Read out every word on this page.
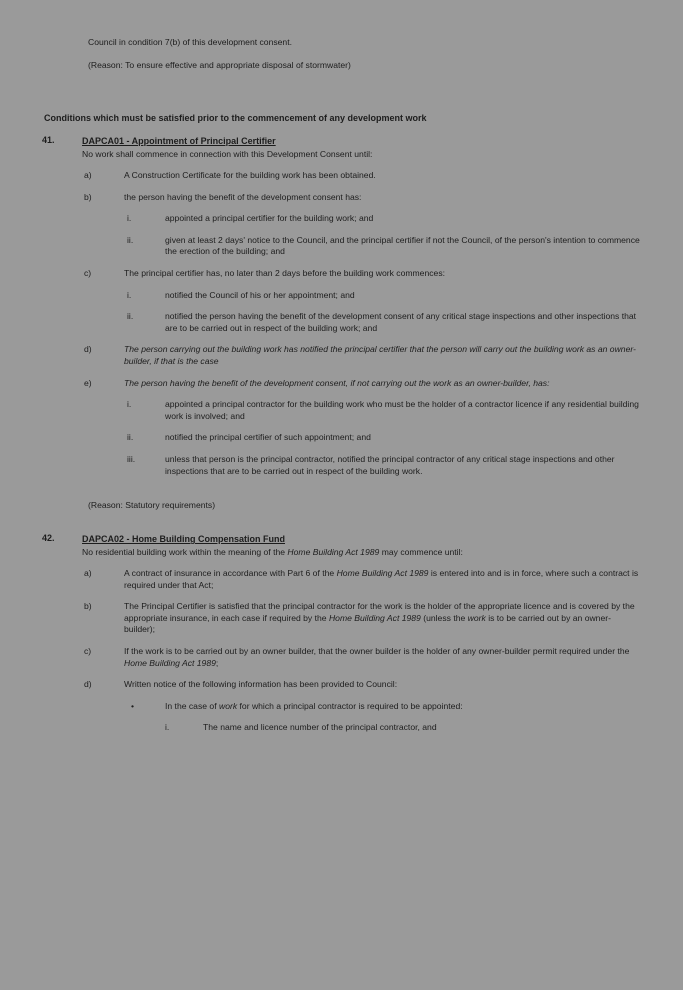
Council in condition 7(b) of this development consent.
(Reason: To ensure effective and appropriate disposal of stormwater)
Conditions which must be satisfied prior to the commencement of any development work
41.	DAPCA01 - Appointment of Principal Certifier
No work shall commence in connection with this Development Consent until:
a)	A Construction Certificate for the building work has been obtained.
b)	the person having the benefit of the development consent has:
i.	appointed a principal certifier for the building work; and
ii.	given at least 2 days' notice to the Council, and the principal certifier if not the Council, of the person's intention to commence the erection of the building; and
c)	The principal certifier has, no later than 2 days before the building work commences:
i.	notified the Council of his or her appointment; and
ii.	notified the person having the benefit of the development consent of any critical stage inspections and other inspections that are to be carried out in respect of the building work; and
d)	The person carrying out the building work has notified the principal certifier that the person will carry out the building work as an owner-builder, if that is the case
e)	The person having the benefit of the development consent, if not carrying out the work as an owner-builder, has:
i.	appointed a principal contractor for the building work who must be the holder of a contractor licence if any residential building work is involved; and
ii.	notified the principal certifier of such appointment; and
iii.	unless that person is the principal contractor, notified the principal contractor of any critical stage inspections and other inspections that are to be carried out in respect of the building work.
(Reason: Statutory requirements)
42.	DAPCA02 - Home Building Compensation Fund
No residential building work within the meaning of the Home Building Act 1989 may commence until:
a)	A contract of insurance in accordance with Part 6 of the Home Building Act 1989 is entered into and is in force, where such a contract is required under that Act;
b)	The Principal Certifier is satisfied that the principal contractor for the work is the holder of the appropriate licence and is covered by the appropriate insurance, in each case if required by the Home Building Act 1989 (unless the work is to be carried out by an owner-builder);
c)	If the work is to be carried out by an owner builder, that the owner builder is the holder of any owner-builder permit required under the Home Building Act 1989;
d)	Written notice of the following information has been provided to Council:
•	In the case of work for which a principal contractor is required to be appointed:
i.	The name and licence number of the principal contractor, and
